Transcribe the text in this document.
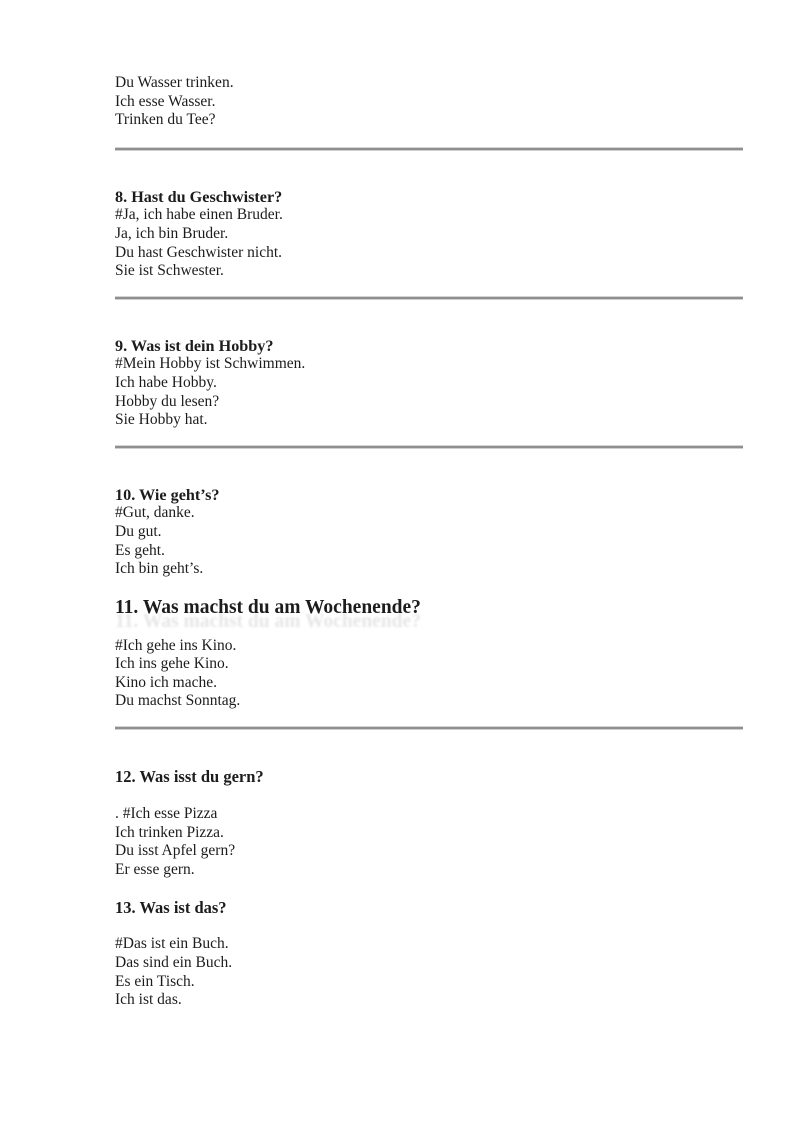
Du Wasser trinken.
Ich esse Wasser.
Trinken du Tee?
8. Hast du Geschwister?
#Ja, ich habe einen Bruder.
Ja, ich bin Bruder.
Du hast Geschwister nicht.
Sie ist Schwester.
9. Was ist dein Hobby?
#Mein Hobby ist Schwimmen.
Ich habe Hobby.
Hobby du lesen?
Sie Hobby hat.
10. Wie geht’s?
#Gut, danke.
Du gut.
Es geht.
Ich bin geht’s.
11. Was machst du am Wochenende?
#Ich gehe ins Kino.
Ich ins gehe Kino.
Kino ich mache.
Du machst Sonntag.
12. Was isst du gern?
. #Ich esse Pizza
Ich trinken Pizza.
Du isst Apfel gern?
Er esse gern.
13. Was ist das?
#Das ist ein Buch.
Das sind ein Buch.
Es ein Tisch.
Ich ist das.
